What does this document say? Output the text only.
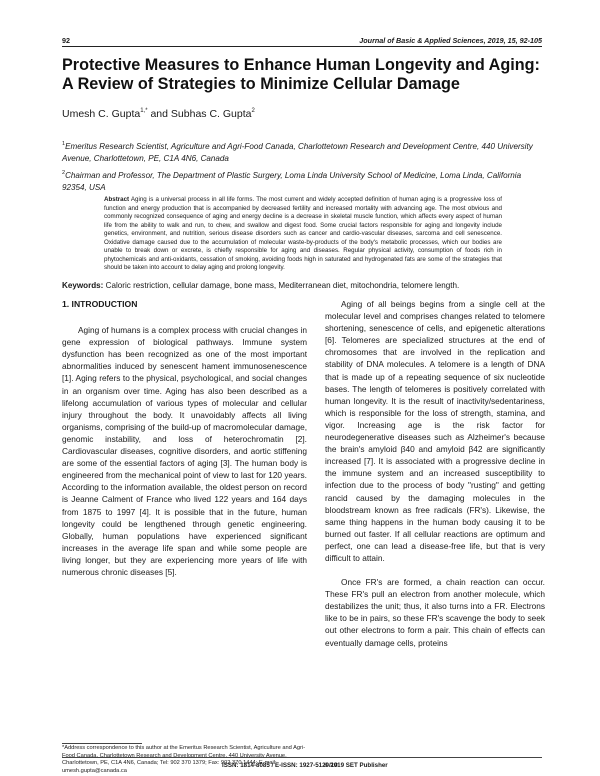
92	Journal of Basic & Applied Sciences, 2019, 15, 92-105
Protective Measures to Enhance Human Longevity and Aging: A Review of Strategies to Minimize Cellular Damage
Umesh C. Gupta$^{1,*}$ and Subhas C. Gupta$^2$
$^1$Emeritus Research Scientist, Agriculture and Agri-Food Canada, Charlottetown Research and Development Centre, 440 University Avenue, Charlottetown, PE, C1A 4N6, Canada
$^2$Chairman and Professor, The Department of Plastic Surgery, Loma Linda University School of Medicine, Loma Linda, California 92354, USA
Abstract Aging is a universal process in all life forms. The most current and widely accepted definition of human aging is a progressive loss of function and energy production that is accompanied by decreased fertility and increased mortality with advancing age. The most obvious and commonly recognized consequence of aging and energy decline is a decrease in skeletal muscle function, which affects every aspect of human life from the ability to walk and run, to chew, and swallow and digest food. Some crucial factors responsible for aging and longevity include genetics, environment, and nutrition, serious disease disorders such as cancer and cardio-vascular diseases, sarcoma and cell senescence. Oxidative damage caused due to the accumulation of molecular waste-by-products of the body's metabolic processes, which our bodies are unable to break down or excrete, is chiefly responsible for aging and diseases. Regular physical activity, consumption of foods rich in phytochemicals and anti-oxidants, cessation of smoking, avoiding foods high in saturated and hydrogenated fats are some of the strategies that should be taken into account to delay aging and prolong longevity.
Keywords: Caloric restriction, cellular damage, bone mass, Mediterranean diet, mitochondria, telomere length.
1. INTRODUCTION

Aging of humans is a complex process with crucial changes in gene expression of biological pathways. Immune system dysfunction has been recognized as one of the most important abnormalities induced by senescent hament immunosenescence [1]. Aging refers to the physical, psychological, and social changes in an organism over time. Aging has also been described as a lifelong accumulation of various types of molecular and cellular injury throughout the body. It unavoidably affects all living organisms, comprising of the build-up of macromolecular damage, genomic instability, and loss of heterochromatin [2]. Cardiovascular diseases, cognitive disorders, and aortic stiffening are some of the essential factors of aging [3]. The human body is engineered from the mechanical point of view to last for 120 years. According to the information available, the oldest person on record is Jeanne Calment of France who lived 122 years and 164 days from 1875 to 1997 [4]. It is possible that in the future, human longevity could be lengthened through genetic engineering. Globally, human populations have experienced significant increases in the average life span and while some people are living longer, but they are experiencing more years of life with numerous chronic diseases [5].

Aging of all beings begins from a single cell at the molecular level and comprises changes related to telomere shortening, senescence of cells, and epigenetic alterations [6]. Telomeres are specialized structures at the end of chromosomes that are involved in the replication and stability of DNA molecules. A telomere is a length of DNA that is made up of a repeating sequence of six nucleotide bases. The length of telomeres is positively correlated with human longevity. It is the result of inactivity/sedentariness, which is responsible for the loss of strength, stamina, and vigor. Increasing age is the risk factor for neurodegenerative diseases such as Alzheimer's because the brain's amyloid β40 and amyloid β42 are significantly increased [7]. It is associated with a progressive decline in the immune system and an increased susceptibility to infection due to the process of body "rusting" and getting rancid caused by the damaging molecules in the bloodstream known as free radicals (FR's). Likewise, the same thing happens in the human body causing it to be burned out faster. If all cellular reactions are optimum and perfect, one can lead a disease-free life, but that is very difficult to attain.

Once FR's are formed, a chain reaction can occur. These FR's pull an electron from another molecule, which destabilizes the unit; thus, it also turns into a FR. Electrons like to be in pairs, so these FR's scavenge the body to seek out other electrons to form a pair. This chain of effects can eventually damage cells, proteins

*Address correspondence to this author at the Emeritus Research Scientist, Agriculture and Agri-Food Canada, Charlottetown Research and Development Centre, 440 University Avenue, Charlottetown, PE, C1A 4N6, Canada; Tel: 902 370 1379; Fax: 902 370 1444; E-mail: umesh.gupta@canada.ca
ISSN: 1814-8085 / E-ISSN: 1927-5129/19
© 2019 SET Publisher
